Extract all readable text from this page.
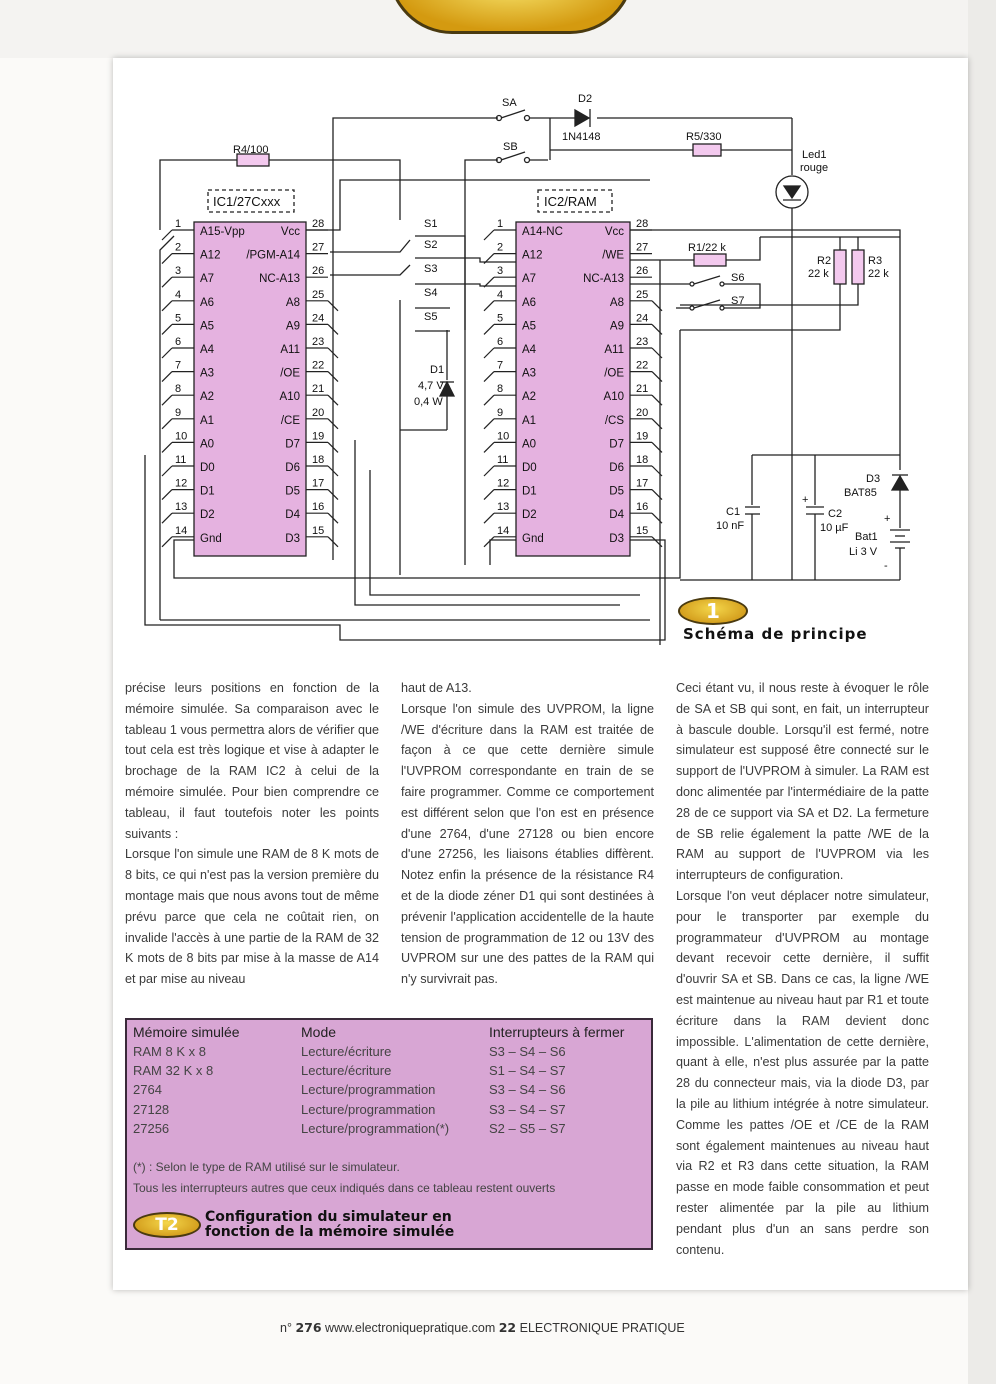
1
A15-Vpp
2
A12
3
A7
4
A6
5
A5
6
A4
7
A3
8
A2
9
A1
10
A0
11
D0
12
D1
13
D2
14
Gnd
28
Vcc
27
/PGM-A14
26
NC-A13
25
A8
24
A9
23
A11
22
/OE
21
A10
20
/CE
19
D7
18
D6
17
D5
16
D4
15
D3
1
A14-NC
2
A12
3
A7
4
A6
5
A5
6
A4
7
A3
8
A2
9
A1
10
A0
11
D0
12
D1
13
D2
14
Gnd
28
Vcc
27
/WE
26
NC-A13
25
A8
24
A9
23
A11
22
/OE
21
A10
20
/CS
19
D7
18
D6
17
D5
16
D4
15
D3
SA	D2
1N4148
SB
R5/330
Led1
rouge
R4/100
IC1/27Cxxx	IC2/RAM
S1
S2
S3
S4
S5
S6
S7
R1/22 k
R2
22 k
R3
22 k
D1
4,7 V
0,4 W
D3
BAT85
C1
10 nF
C2
10 µF
+
Bat1
Li 3 V
+
-
1
Schéma de principe

précise leurs positions en fonction de la mémoire simulée. Sa comparaison avec le tableau 1 vous permettra alors de vérifier que tout cela est très logique et vise à adapter le brochage de la RAM IC2 à celui de la mémoire simulée. Pour bien comprendre ce tableau, il faut toutefois noter les points suivants :

Lorsque l'on simule une RAM de 8 K mots de 8 bits, ce qui n'est pas la version première du montage mais que nous avons tout de même prévu parce que cela ne coûtait rien, on invalide l'accès à une partie de la RAM de 32 K mots de 8 bits par mise à la masse de A14 et par mise au niveau

haut de A13.

Lorsque l'on simule des UVPROM, la ligne /WE d'écriture dans la RAM est traitée de façon à ce que cette dernière simule l'UVPROM correspondante en train de se faire programmer. Comme ce comportement est différent selon que l'on est en présence d'une 2764, d'une 27128 ou bien encore d'une 27256, les liaisons établies diffèrent. Notez enfin la présence de la résistance R4 et de la diode zéner D1 qui sont destinées à prévenir l'application accidentelle de la haute tension de programmation de 12 ou 13V des UVPROM sur une des pattes de la RAM qui n'y survivrait pas.

Ceci étant vu, il nous reste à évoquer le rôle de SA et SB qui sont, en fait, un interrupteur à bascule double. Lorsqu'il est fermé, notre simulateur est supposé être connecté sur le support de l'UVPROM à simuler. La RAM est donc alimentée par l'intermédiaire de la patte 28 de ce support via SA et D2. La fermeture de SB relie également la patte /WE de la RAM au support de l'UVPROM via les interrupteurs de configuration.

Lorsque l'on veut déplacer notre simulateur, pour le transporter par exemple du programmateur d'UVPROM au montage devant recevoir cette dernière, il suffit d'ouvrir SA et SB. Dans ce cas, la ligne /WE est maintenue au niveau haut par R1 et toute écriture dans la RAM devient donc impossible. L'alimentation de cette dernière, quant à elle, n'est plus assurée par la patte 28 du connecteur mais, via la diode D3, par la pile au lithium intégrée à notre simulateur. Comme les pattes /OE et /CE de la RAM sont également maintenues au niveau haut via R2 et R3 dans cette situation, la RAM passe en mode faible consommation et peut rester alimentée par la pile au lithium pendant plus d'un an sans perdre son contenu.

Mémoire simulée	Mode	Interrupteurs à fermer
RAM 8 K x 8	Lecture/écriture	S3 – S4 – S6
RAM 32 K x 8	Lecture/écriture	S1 – S4 – S7
2764	Lecture/programmation	S3 – S4 – S6
27128	Lecture/programmation	S3 – S4 – S7
27256	Lecture/programmation(*)	S2 – S5 – S7
(*) : Selon le type de RAM utilisé sur le simulateur.
Tous les interrupteurs autres que ceux indiqués dans ce tableau restent ouverts
T2	Configuration du simulateur en
fonction de la mémoire simulée
n° 276 www.electroniquepratique.com 22 ELECTRONIQUE PRATIQUE
